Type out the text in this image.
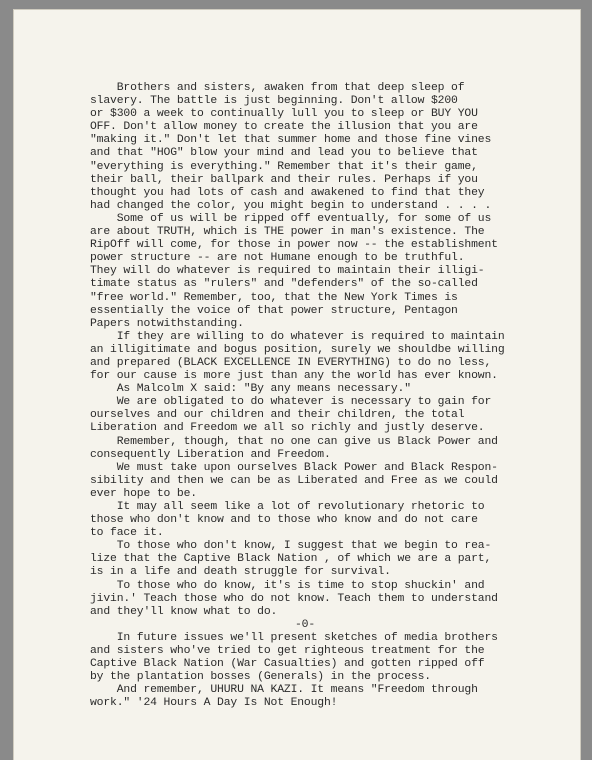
Brothers and sisters, awaken from that deep sleep of
slavery. The battle is just beginning. Don't allow $200
or $300 a week to continually lull you to sleep or BUY YOU
OFF. Don't allow money to create the illusion that you are
"making it." Don't let that summer home and those fine vines
and that "HOG" blow your mind and lead you to believe that
"everything is everything." Remember that it's their game,
their ball, their ballpark and their rules. Perhaps if you
thought you had lots of cash and awakened to find that they
had changed the color, you might begin to understand . . . .
Some of us will be ripped off eventually, for some of us
are about TRUTH, which is THE power in man's existence. The
RipOff will come, for those in power now -- the establishment
power structure -- are not Humane enough to be truthful.
They will do whatever is required to maintain their illigi-
timate status as "rulers" and "defenders" of the so-called
"free world." Remember, too, that the New York Times is
essentially the voice of that power structure, Pentagon
Papers notwithstanding.
If they are willing to do whatever is required to maintain
an illigitimate and bogus position, surely we shouldbe willing
and prepared (BLACK EXCELLENCE IN EVERYTHING) to do no less,
for our cause is more just than any the world has ever known.
As Malcolm X said: "By any means necessary."
We are obligated to do whatever is necessary to gain for
ourselves and our children and their children, the total
Liberation and Freedom we all so richly and justly deserve.
Remember, though, that no one can give us Black Power and
consequently Liberation and Freedom.
We must take upon ourselves Black Power and Black Respon-
sibility and then we can be as Liberated and Free as we could
ever hope to be.
It may all seem like a lot of revolutionary rhetoric to
those who don't know and to those who know and do not care
to face it.
To those who don't know, I suggest that we begin to rea-
lize that the Captive Black Nation , of which we are a part,
is in a life and death struggle for survival.
To those who do know, it's is time to stop shuckin' and
jivin.' Teach those who do not know. Teach them to understand
and they'll know what to do.
-0-
In future issues we'll present sketches of media brothers
and sisters who've tried to get righteous treatment for the
Captive Black Nation (War Casualties) and gotten ripped off
by the plantation bosses (Generals) in the process.
And remember, UHURU NA KAZI. It means "Freedom through
work." '24 Hours A Day Is Not Enough!
